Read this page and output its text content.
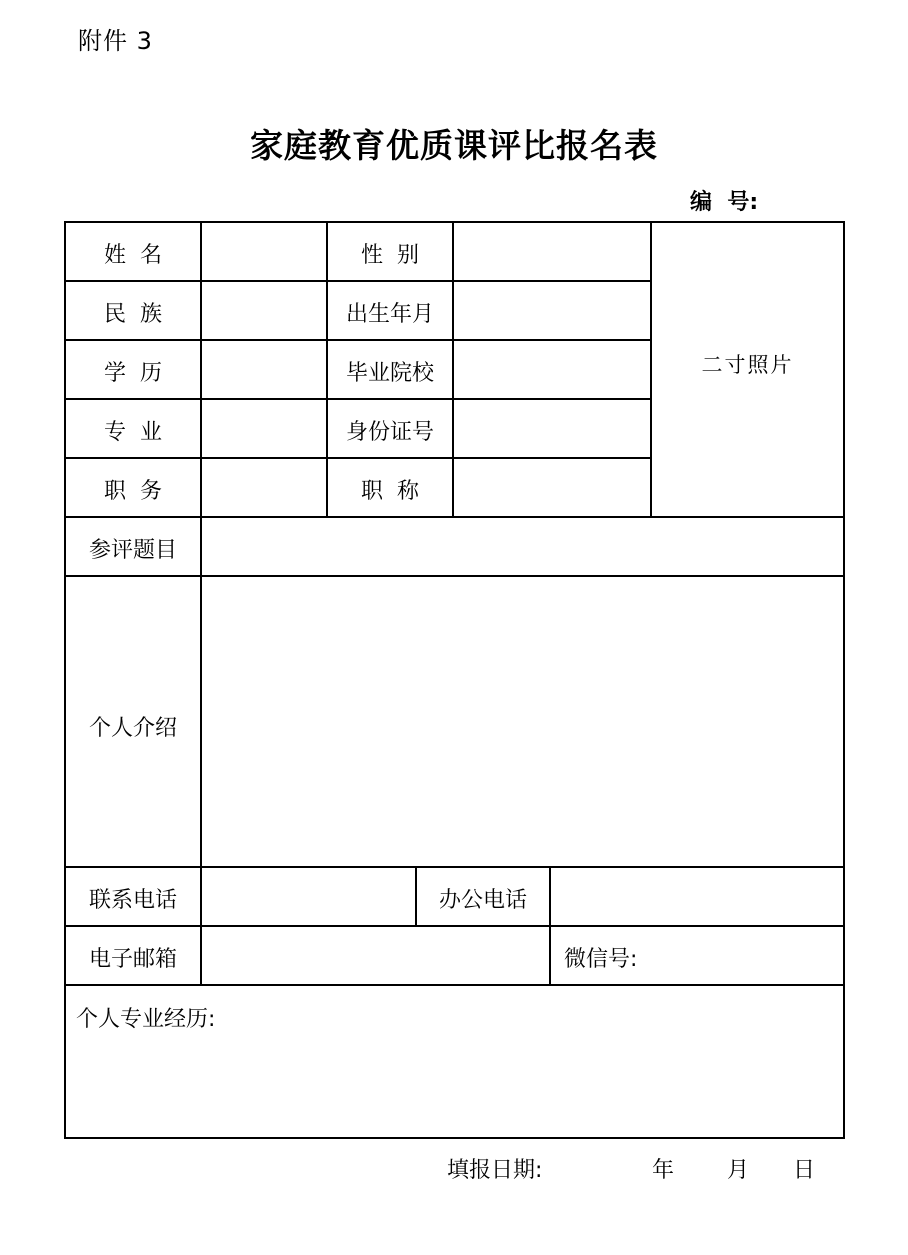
附件 3
家庭教育优质课评比报名表
编  号:
姓  名	性  别
民  族	出生年月
学  历	毕业院校
专  业	身份证号
职  务	职  称
二寸照片
参评题目
个人介绍
联系电话	办公电话
电子邮箱	微信号:
个人专业经历:
填报日期:	年 月 日
